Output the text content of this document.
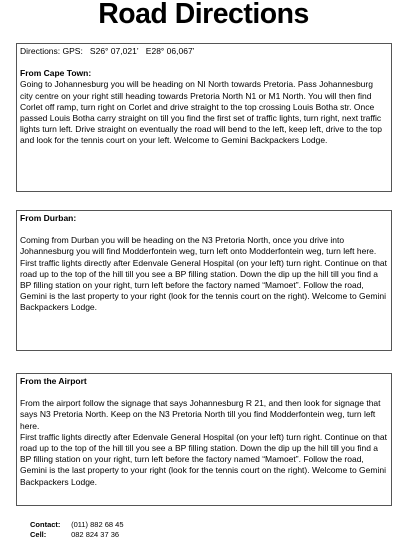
Road Directions

Directions: GPS: S26° 07,021’ E28° 06,067’

From Cape Town:

Going to Johannesburg you will be heading on NI North towards Pretoria. Pass Johannesburg city centre on your right still heading towards Pretoria North N1 or M1 North. You will then find Corlet off ramp, turn right on Corlet and drive straight to the top crossing Louis Botha str. Once passed Louis Botha carry straight on till you find the first set of traffic lights, turn right, next traffic lights turn left. Drive straight on eventually the road will bend to the left, keep left, drive to the top and look for the tennis court on your left. Welcome to Gemini Backpackers Lodge.

From Durban:

Coming from Durban you will be heading on the N3 Pretoria North, once you drive into Johannesburg you will find Modderfontein weg, turn left onto Modderfontein weg, turn left here.

First traffic lights directly after Edenvale General Hospital (on your left) turn right. Continue on that road up to the top of the hill till you see a BP filling station. Down the dip up the hill till you find a BP filling station on your right, turn left before the factory named “Mamoet”. Follow the road, Gemini is the last property to your right (look for the tennis court on the right). Welcome to Gemini Backpackers Lodge.

From the Airport

From the airport follow the signage that says Johannesburg R 21, and then look for signage that says N3 Pretoria North. Keep on the N3 Pretoria North till you find Modderfontein weg, turn left here.

First traffic lights directly after Edenvale General Hospital (on your left) turn right. Continue on that road up to the top of the hill till you see a BP filling station. Down the dip up the hill till you find a BP filling station on your right, turn left before the factory named “Mamoet”. Follow the road, Gemini is the last property to your right (look for the tennis court on the right). Welcome to Gemini Backpackers Lodge.

Contact: (011) 882 68 45
Cell:	082 824 37 36
